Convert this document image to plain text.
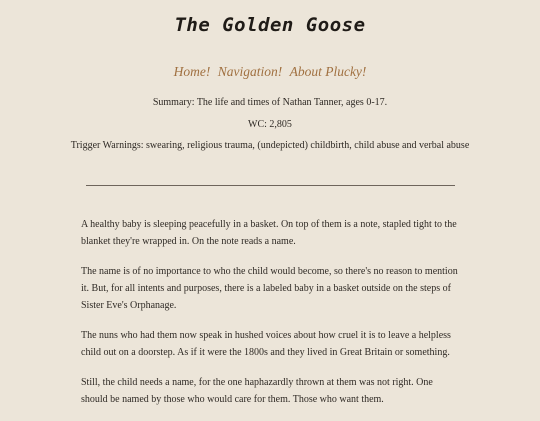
The Golden Goose
Home! Navigation! About Plucky!
Summary: The life and times of Nathan Tanner, ages 0-17.
WC: 2,805
Trigger Warnings: swearing, religious trauma, (undepicted) childbirth, child abuse and verbal abuse

A healthy baby is sleeping peacefully in a basket. On top of them is a note, stapled tight to the blanket they're wrapped in. On the note reads a name.

The name is of no importance to who the child would become, so there's no reason to mention it. But, for all intents and purposes, there is a labeled baby in a basket outside on the steps of Sister Eve's Orphanage.

The nuns who had them now speak in hushed voices about how cruel it is to leave a helpless child out on a doorstep. As if it were the 1800s and they lived in Great Britain or something.

Still, the child needs a name, for the one haphazardly thrown at them was not right. One should be named by those who would care for them. Those who want them.
